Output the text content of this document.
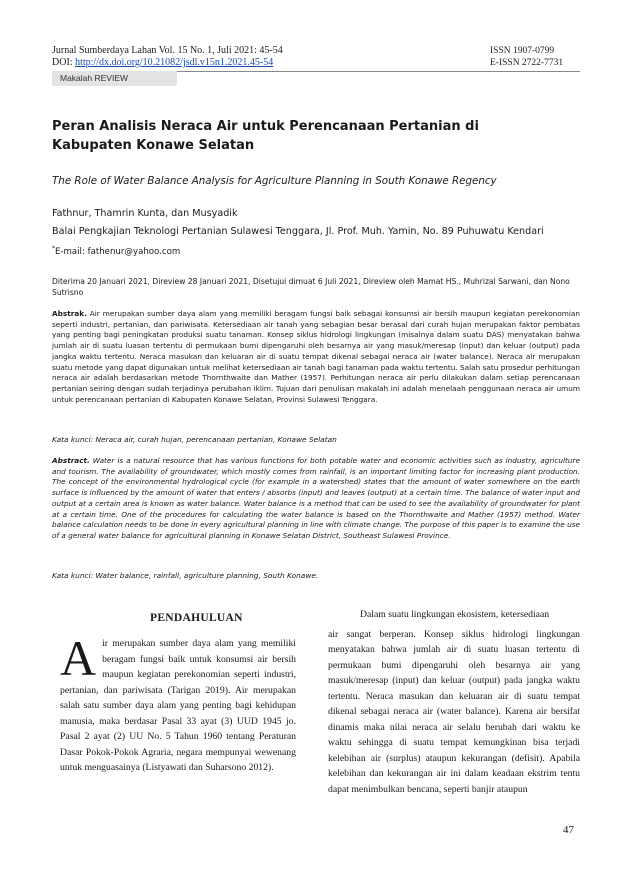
Jurnal Sumberdaya Lahan Vol. 15 No. 1, Juli 2021: 45-54
DOI: http://dx.doi.org/10.21082/jsdl.v15n1.2021.45-54
ISSN 1907-0799
E-ISSN 2722-7731
Makalah REVIEW
Peran Analisis Neraca Air untuk Perencanaan Pertanian di Kabupaten Konawe Selatan
The Role of Water Balance Analysis for Agriculture Planning in South Konawe Regency
Fathnur, Thamrin Kunta, dan Musyadik
Balai Pengkajian Teknologi Pertanian Sulawesi Tenggara, Jl. Prof. Muh. Yamin, No. 89 Puhuwatu Kendari
*E-mail: fathenur@yahoo.com
Diterima 20 Januari 2021, Direview 28 Januari 2021, Disetujui dimuat 6 Juli 2021, Direview oleh Mamat HS., Muhrizal Sarwani, dan Nono Sutrisno
Abstrak. Air merupakan sumber daya alam yang memiliki beragam fungsi baik sebagai konsumsi air bersih maupun kegiatan perekonomian seperti industri, pertanian, dan pariwisata. Ketersediaan air tanah yang sebagian besar berasal dari curah hujan merupakan faktor pembatas yang penting bagi peningkatan produksi suatu tanaman. Konsep siklus hidrologi lingkungan (misalnya dalam suatu DAS) menyatakan bahwa jumlah air di suatu luasan tertentu di permukaan bumi dipengaruhi oleh besarnya air yang masuk/meresap (input) dan keluar (output) pada jangka waktu tertentu. Neraca masukan dan keluaran air di suatu tempat dikenal sebagai neraca air (water balance). Neraca air merupakan suatu metode yang dapat digunakan untuk melihat ketersediaan air tanah bagi tanaman pada waktu tertentu. Salah satu prosedur perhitungan neraca air adalah berdasarkan metode Thornthwaite dan Mather (1957). Perhitungan neraca air perlu dilakukan dalam setiap perencanaan pertanian seiring dengan sudah terjadinya perubahan iklim. Tujuan dari penulisan makalah ini adalah menelaah penggunaan neraca air umum untuk perencanaan pertanian di Kabupaten Konawe Selatan, Provinsi Sulawesi Tenggara.
Kata kunci: Neraca air, curah hujan, perencanaan pertanian, Konawe Selatan
Abstract. Water is a natural resource that has various functions for both potable water and economic activities such as industry, agriculture and tourism. The availability of groundwater, which mostly comes from rainfall, is an important limiting factor for increasing plant production. The concept of the environmental hydrological cycle (for example in a watershed) states that the amount of water somewhere on the earth surface is influenced by the amount of water that enters / absorbs (input) and leaves (output) at a certain time. The balance of water input and output at a certain area is known as water balance. Water balance is a method that can be used to see the availability of groundwater for plant at a certain time. One of the procedures for calculating the water balance is based on the Thornthwaite and Mather (1957) method. Water balance calculation needs to be done in every agricultural planning in line with climate change. The purpose of this paper is to examine the use of a general water balance for agricultural planning in Konawe Selatan District, Southeast Sulawesi Province.
Kata kunci: Water balance, rainfall, agriculture planning, South Konawe.
PENDAHULUAN
Air merupakan sumber daya alam yang memiliki beragam fungsi baik untuk konsumsi air bersih maupun kegiatan perekonomian seperti industri, pertanian, dan pariwisata (Tarigan 2019). Air merupakan salah satu sumber daya alam yang penting bagi kehidupan manusia, maka berdasar Pasal 33 ayat (3) UUD 1945 jo. Pasal 2 ayat (2) UU No. 5 Tahun 1960 tentang Peraturan Dasar Pokok-Pokok Agraria, negara mempunyai wewenang untuk menguasainya (Listyawati dan Suharsono 2012).
Dalam suatu lingkungan ekosistem, ketersediaan
air sangat berperan. Konsep siklus hidrologi lingkungan menyatakan bahwa jumlah air di suatu luasan tertentu di permukaan bumi dipengaruhi oleh besarnya air yang masuk/meresap (input) dan keluar (output) pada jangka waktu tertentu. Neraca masukan dan keluaran air di suatu tempat dikenal sebagai neraca air (water balance). Karena air bersifat dinamis maka nilai neraca air selalu berubah dari waktu ke waktu sehingga di suatu tempat kemungkinan bisa terjadi kelebihan air (surplus) ataupun kekurangan (defisit). Apabila kelebihan dan kekurangan air ini dalam keadaan ekstrim tentu dapat menimbulkan bencana, seperti banjir ataupun
47
